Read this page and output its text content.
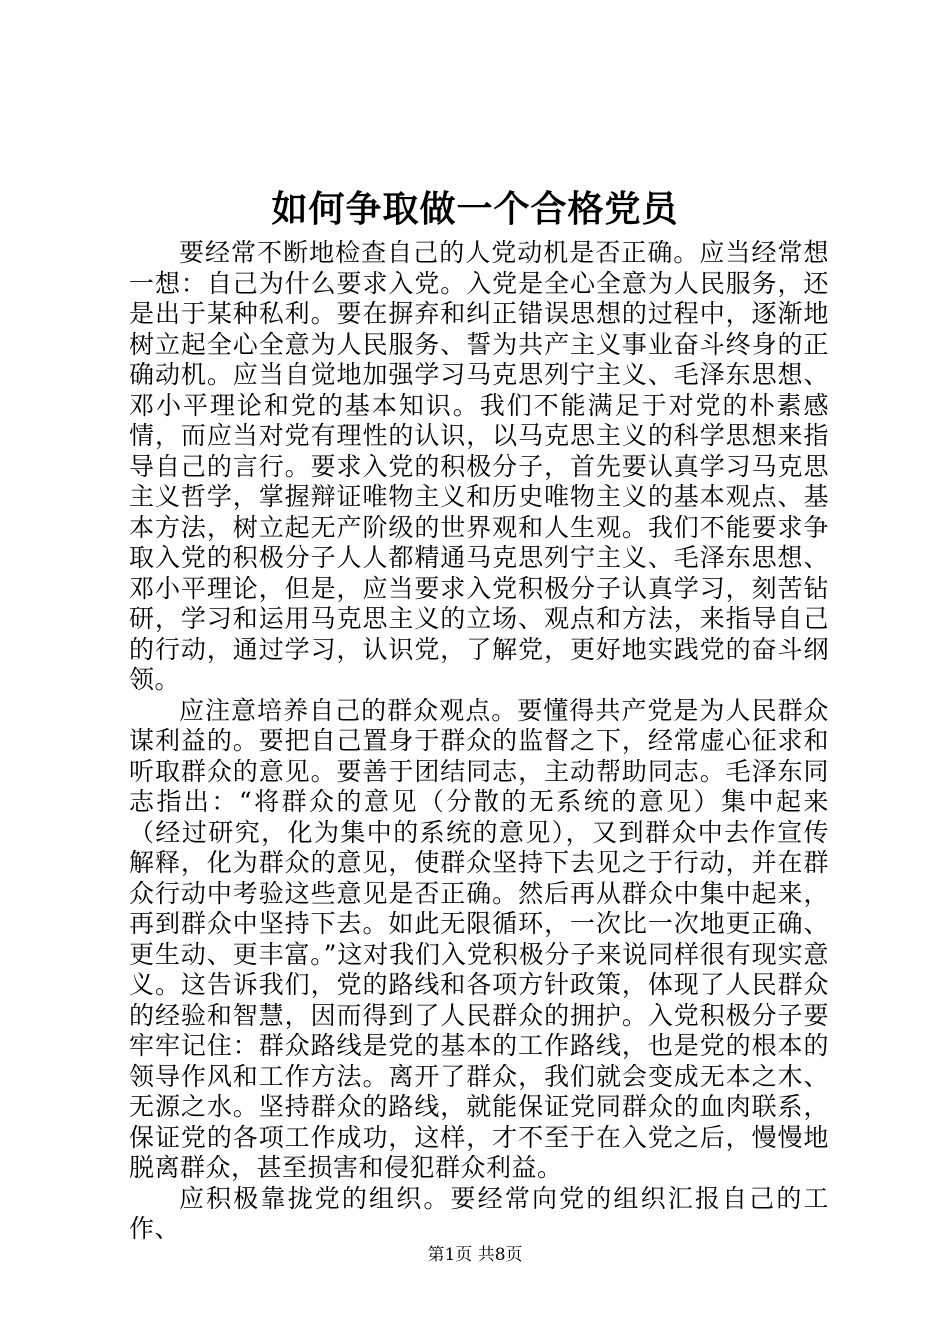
如何争取做一个合格党员

要经常不断地检查自己的人党动机是否正确。应当经常想一想：自己为什么要求入党。入党是全心全意为人民服务，还是出于某种私利。要在摒弃和纠正错误思想的过程中，逐渐地树立起全心全意为人民服务、誓为共产主义事业奋斗终身的正确动机。应当自觉地加强学习马克思列宁主义、毛泽东思想、邓小平理论和党的基本知识。我们不能满足于对党的朴素感情，而应当对党有理性的认识，以马克思主义的科学思想来指导自己的言行。要求入党的积极分子，首先要认真学习马克思主义哲学，掌握辩证唯物主义和历史唯物主义的基本观点、基本方法，树立起无产阶级的世界观和人生观。我们不能要求争取入党的积极分子人人都精通马克思列宁主义、毛泽东思想、邓小平理论，但是，应当要求入党积极分子认真学习，刻苦钻研，学习和运用马克思主义的立场、观点和方法，来指导自己的行动，通过学习，认识党，了解党，更好地实践党的奋斗纲领。

应注意培养自己的群众观点。要懂得共产党是为人民群众谋利益的。要把自己置身于群众的监督之下，经常虚心征求和听取群众的意见。要善于团结同志，主动帮助同志。毛泽东同志指出：“将群众的意见（分散的无系统的意见）集中起来（经过研究，化为集中的系统的意见），又到群众中去作宣传解释，化为群众的意见，使群众坚持下去见之于行动，并在群众行动中考验这些意见是否正确。然后再从群众中集中起来，再到群众中坚持下去。如此无限循环，一次比一次地更正确、更生动、更丰富。”这对我们入党积极分子来说同样很有现实意义。这告诉我们，党的路线和各项方针政策，体现了人民群众的经验和智慧，因而得到了人民群众的拥护。入党积极分子要牢牢记住：群众路线是党的基本的工作路线，也是党的根本的领导作风和工作方法。离开了群众，我们就会变成无本之木、无源之水。坚持群众的路线，就能保证党同群众的血肉联系，保证党的各项工作成功，这样，才不至于在入党之后，慢慢地脱离群众，甚至损害和侵犯群众利益。

应积极靠拢党的组织。要经常向党的组织汇报自己的工作、

第1页 共8页
